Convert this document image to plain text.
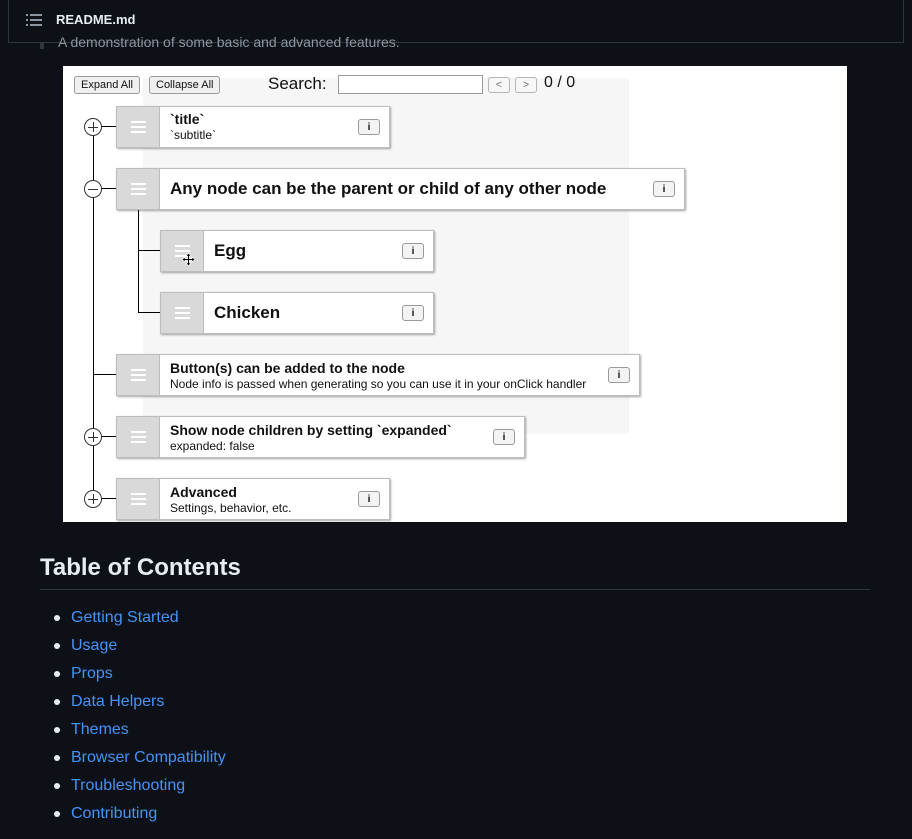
README.md
A demonstration of some basic and advanced features.
Expand All	Collapse All	Search:	<	> 0 / 0
`title`
`subtitle`
i
Any node can be the parent or child of any other node	i
Egg	i
Chicken	i
Button(s) can be added to the node
Node info is passed when generating so you can use it in your onClick handler
i
Show node children by setting `expanded`
expanded: false
i
Advanced
Settings, behavior, etc.
i
Table of Contents
Getting Started
Usage
Props
Data Helpers
Themes
Browser Compatibility
Troubleshooting
Contributing
